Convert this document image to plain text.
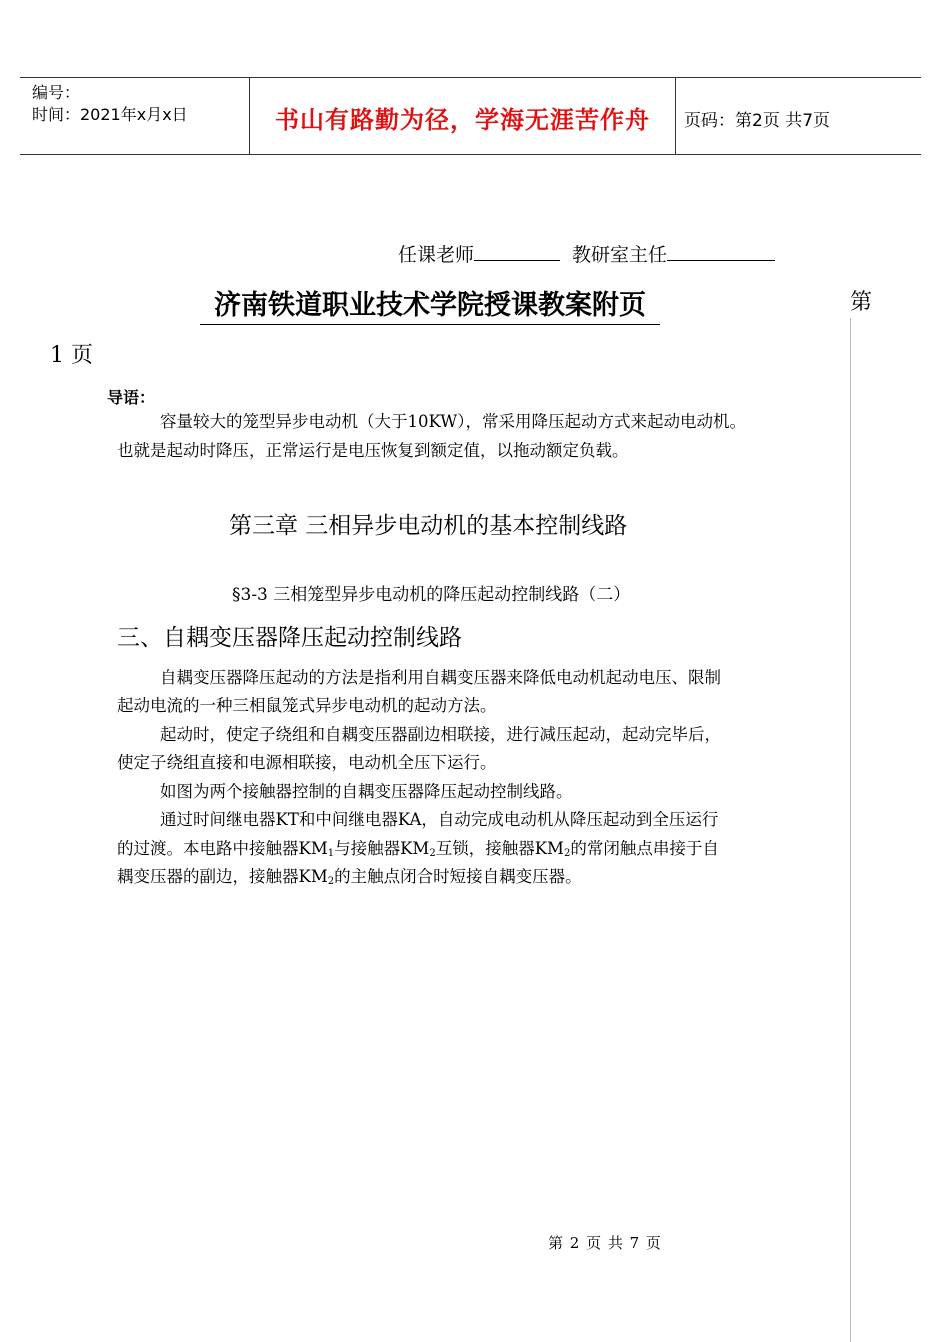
编号：
时间：2021年x月x日	书山有路勤为径，学海无涯苦作舟	页码：第2页 共7页
任课老师	教研室主任
济南铁道职业技术学院授课教案附页	第
1 页
导语：
容量较大的笼型异步电动机（大于10KW），常采用降压起动方式来起动电动机。
也就是起动时降压，正常运行是电压恢复到额定值，以拖动额定负载。
第三章 三相异步电动机的基本控制线路
§3-3 三相笼型异步电动机的降压起动控制线路（二）
三、自耦变压器降压起动控制线路
自耦变压器降压起动的方法是指利用自耦变压器来降低电动机起动电压、限制
起动电流的一种三相鼠笼式异步电动机的起动方法。
起动时，使定子绕组和自耦变压器副边相联接，进行减压起动，起动完毕后，
使定子绕组直接和电源相联接，电动机全压下运行。
如图为两个接触器控制的自耦变压器降压起动控制线路。
通过时间继电器KT和中间继电器KA，自动完成电动机从降压起动到全压运行
的过渡。本电路中接触器$KM_1$与接触器$KM_2$互锁，接触器$KM_2$的常闭触点串接于自
耦变压器的副边，接触器$KM_2$的主触点闭合时短接自耦变压器。
第 2 页 共 7 页
